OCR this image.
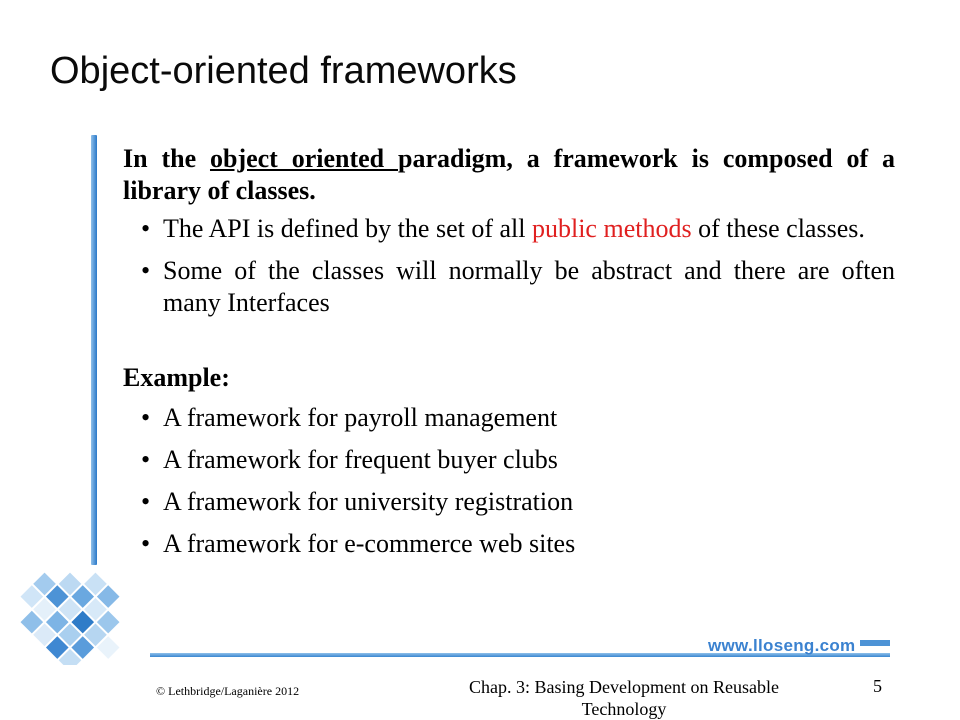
Object-oriented frameworks
www.lloseng.com

In the object oriented paradigm, a framework is composed of a library of classes.

• The API is defined by the set of all public methods of these classes.
• Some of the classes will normally be abstract and there are often many Interfaces

Example:

• A framework for payroll management
• A framework for frequent buyer clubs
• A framework for university registration
• A framework for e-commerce web sites
© Lethbridge/Laganière 2012	Chap. 3: Basing Development on Reusable Technology
5
